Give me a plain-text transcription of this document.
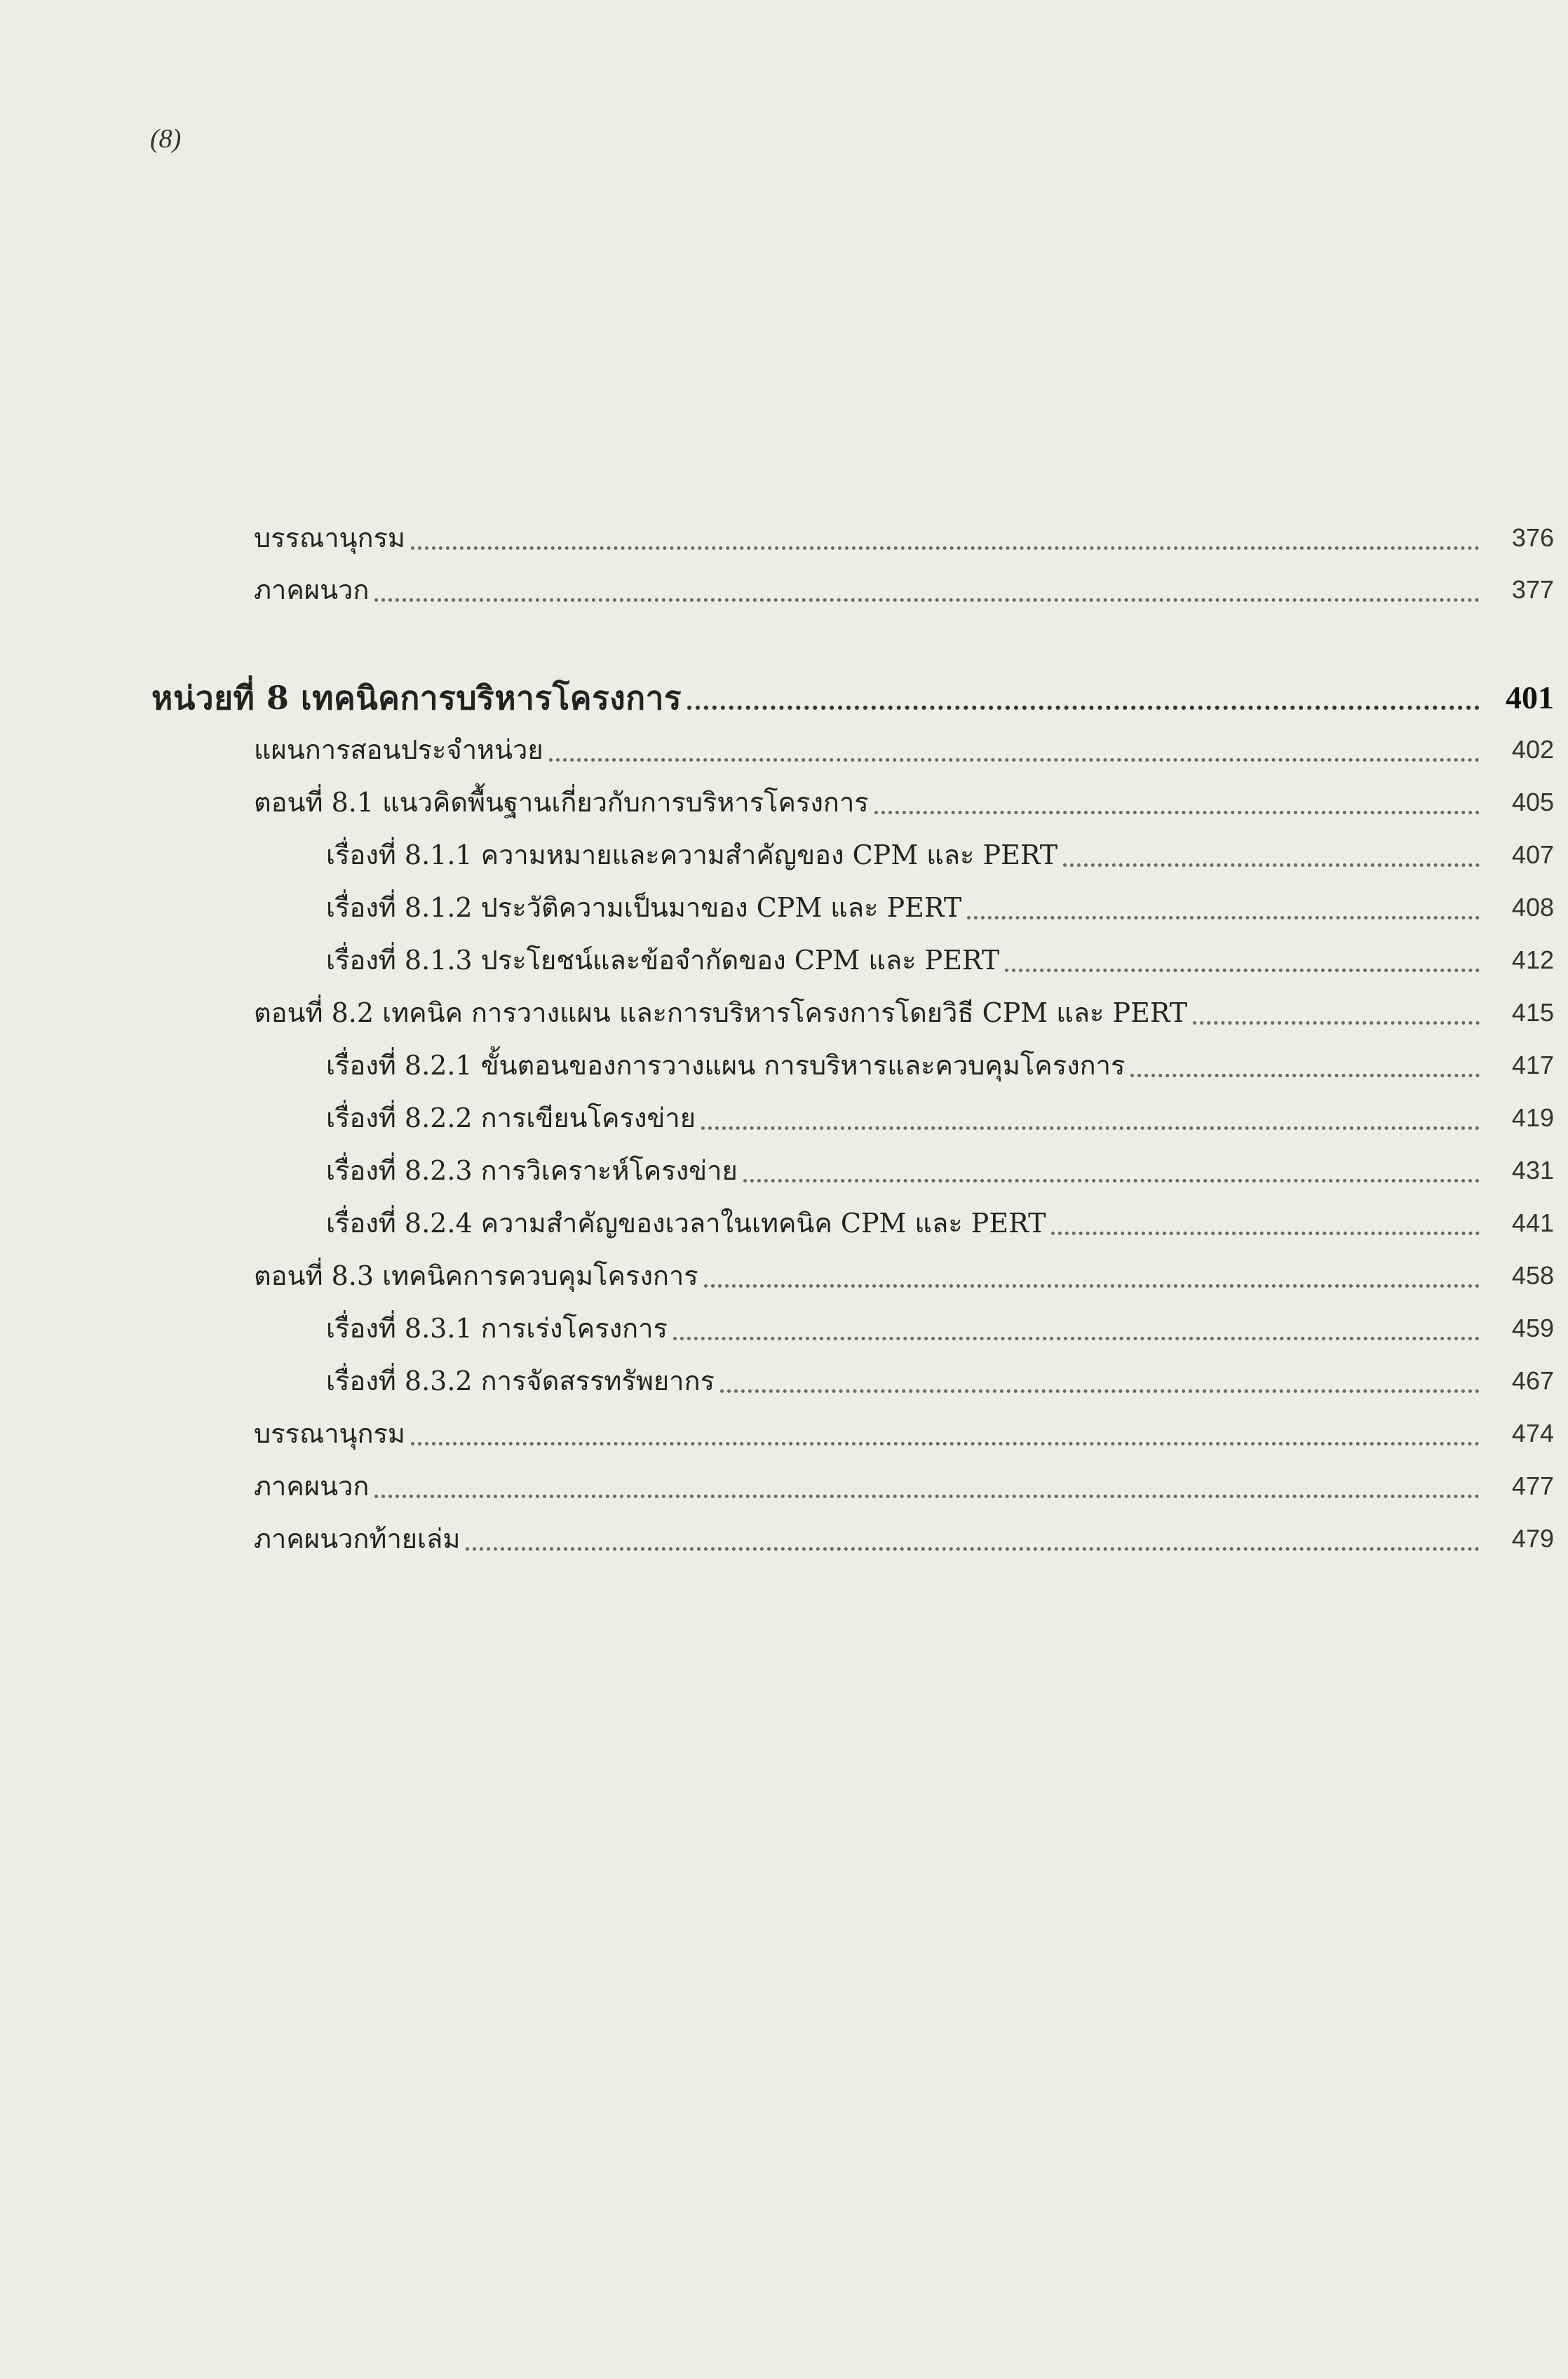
(8)
บรรณานุกรม	376
ภาคผนวก	377
หน่วยที่ 8 เทคนิคการบริหารโครงการ	401
แผนการสอนประจำหน่วย	402
ตอนที่ 8.1 แนวคิดพื้นฐานเกี่ยวกับการบริหารโครงการ	405
เรื่องที่ 8.1.1 ความหมายและความสำคัญของ CPM และ PERT	407
เรื่องที่ 8.1.2 ประวัติความเป็นมาของ CPM และ PERT	408
เรื่องที่ 8.1.3 ประโยชน์และข้อจำกัดของ CPM และ PERT	412
ตอนที่ 8.2 เทคนิค การวางแผน และการบริหารโครงการโดยวิธี CPM และ PERT	415
เรื่องที่ 8.2.1 ขั้นตอนของการวางแผน การบริหารและควบคุมโครงการ	417
เรื่องที่ 8.2.2 การเขียนโครงข่าย	419
เรื่องที่ 8.2.3 การวิเคราะห์โครงข่าย	431
เรื่องที่ 8.2.4 ความสำคัญของเวลาในเทคนิค CPM และ PERT	441
ตอนที่ 8.3 เทคนิคการควบคุมโครงการ	458
เรื่องที่ 8.3.1 การเร่งโครงการ	459
เรื่องที่ 8.3.2 การจัดสรรทรัพยากร	467
บรรณานุกรม	474
ภาคผนวก	477
ภาคผนวกท้ายเล่ม	479
